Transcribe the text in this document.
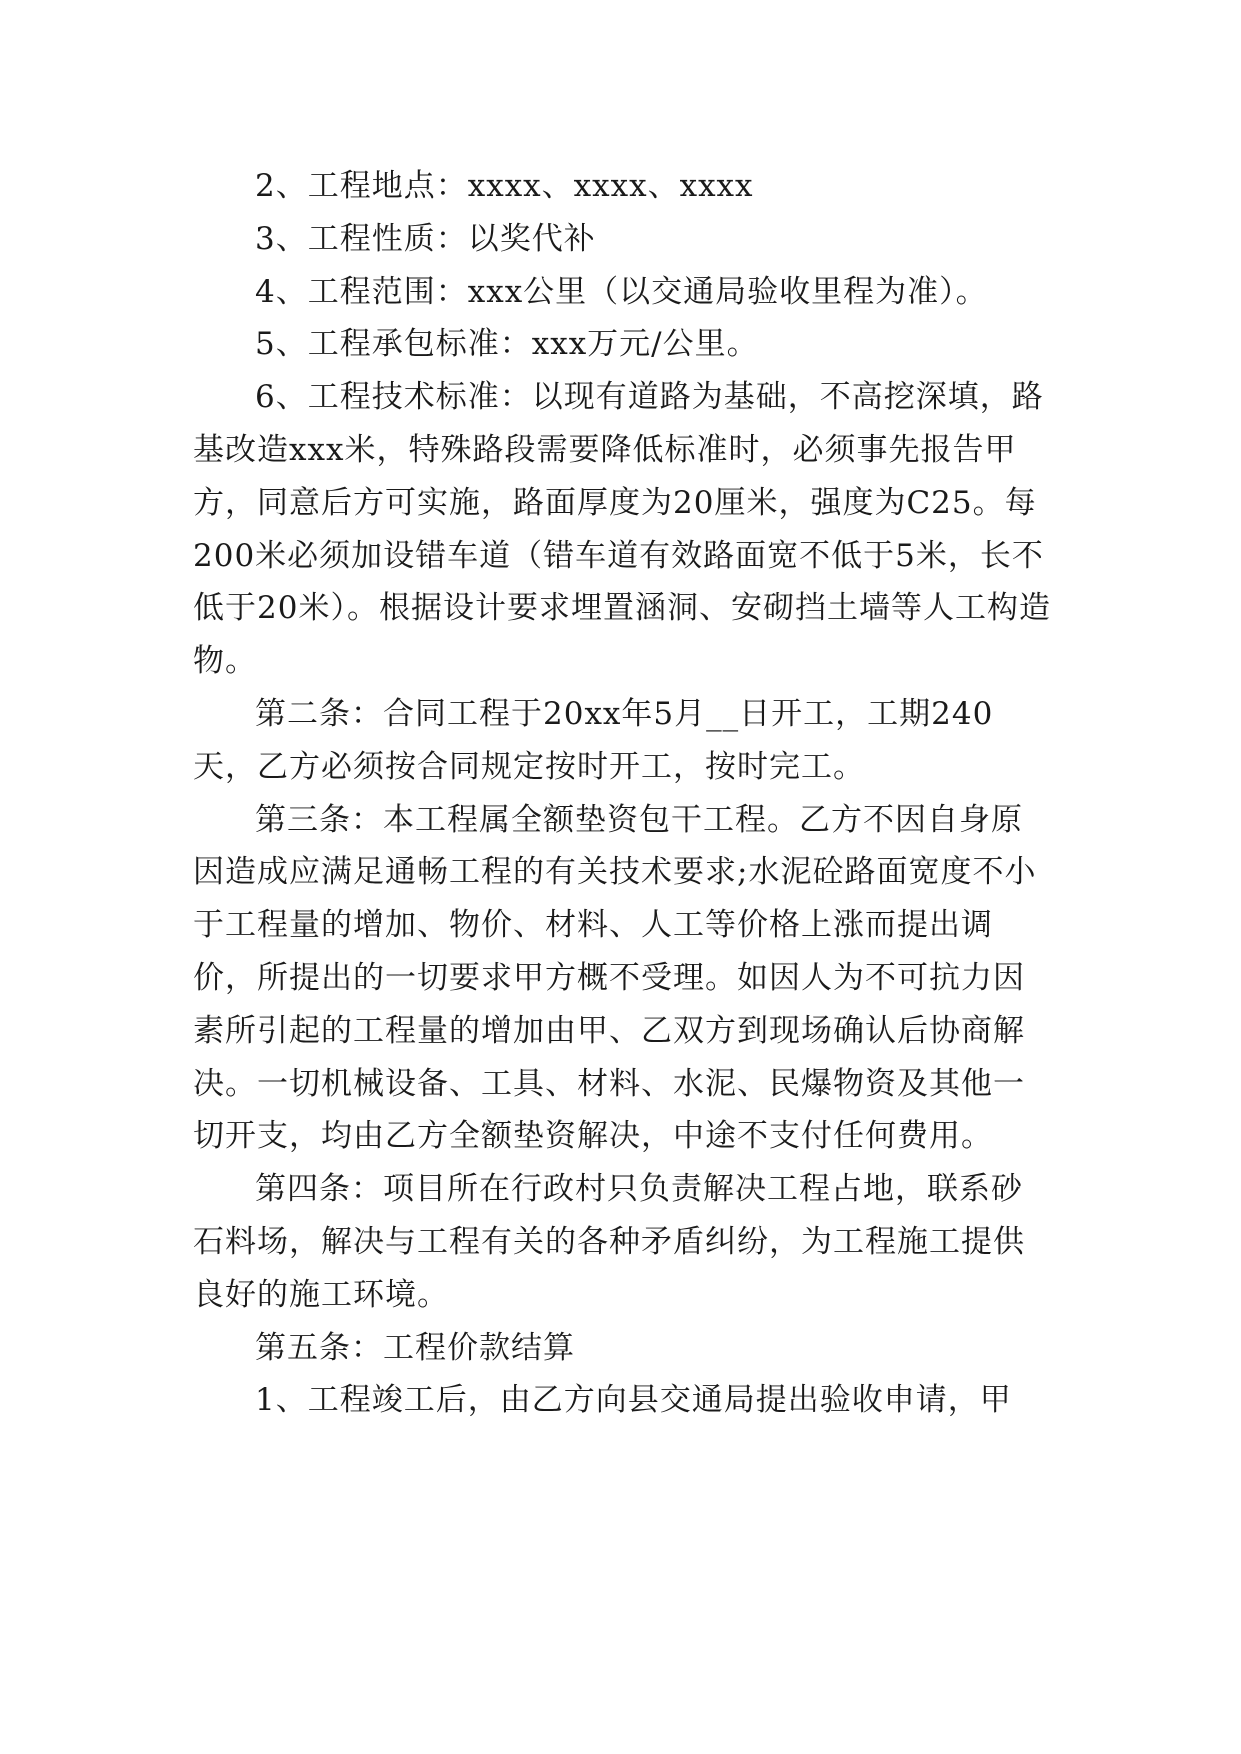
2、工程地点：xxxx、xxxx、xxxx

3、工程性质：以奖代补

4、工程范围：xxx公里（以交通局验收里程为准）。

5、工程承包标准：xxx万元/公里。

6、工程技术标准：以现有道路为基础，不高挖深填，路基改造xxx米，特殊路段需要降低标准时，必须事先报告甲方，同意后方可实施，路面厚度为20厘米，强度为C25。每200米必须加设错车道（错车道有效路面宽不低于5米，长不低于20米）。根据设计要求埋置涵洞、安砌挡土墙等人工构造物。

第二条：合同工程于20xx年5月__日开工，工期240天，乙方必须按合同规定按时开工，按时完工。

第三条：本工程属全额垫资包干工程。乙方不因自身原因造成应满足通畅工程的有关技术要求;水泥砼路面宽度不小于工程量的增加、物价、材料、人工等价格上涨而提出调价，所提出的一切要求甲方概不受理。如因人为不可抗力因素所引起的工程量的增加由甲、乙双方到现场确认后协商解决。一切机械设备、工具、材料、水泥、民爆物资及其他一切开支，均由乙方全额垫资解决，中途不支付任何费用。

第四条：项目所在行政村只负责解决工程占地，联系砂石料场，解决与工程有关的各种矛盾纠纷，为工程施工提供良好的施工环境。

第五条：工程价款结算

1、工程竣工后，由乙方向县交通局提出验收申请，甲
